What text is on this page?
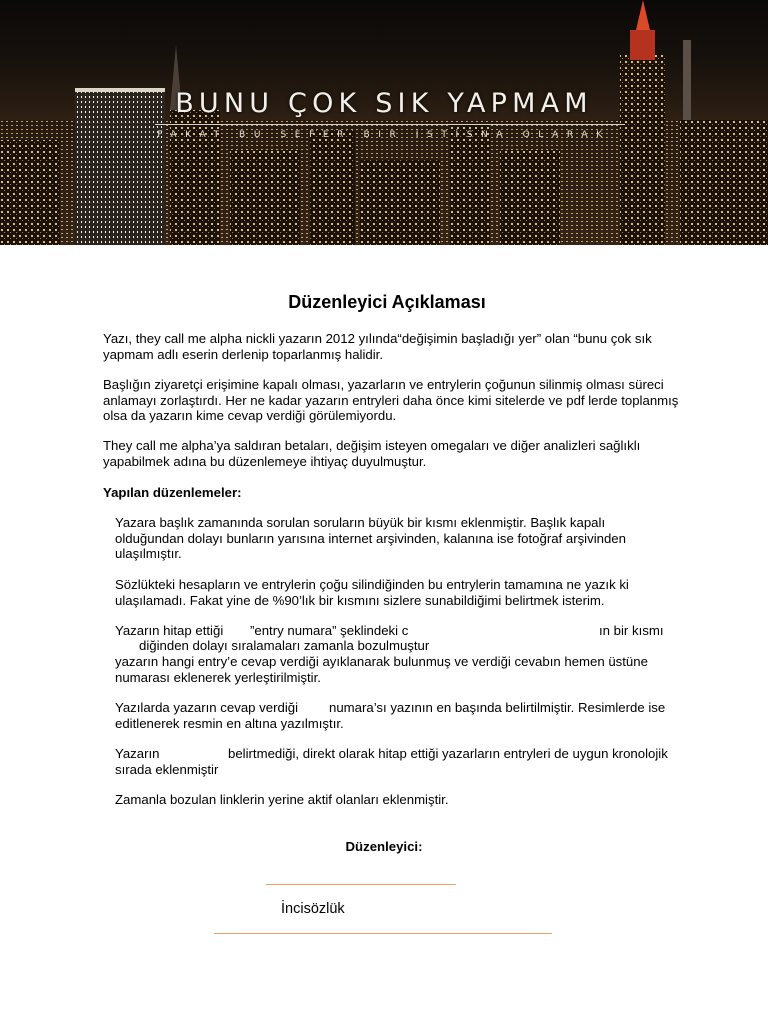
BUNU ÇOK SIK YAPMAM
FAKAT BU SEFER BIR İSTİSNA OLARAK
Düzenleyici Açıklaması

Yazı, they call me alpha nickli yazarın 2012 yılında“değişimin başladığı yer” olan “bunu çok sık yapmam adlı eserin derlenip toparlanmış halidir.

Başlığın ziyaretçi erişimine kapalı olması, yazarların ve entrylerin çoğunun silinmiş olması süreci anlamayı zorlaştırdı. Her ne kadar yazarın entryleri daha önce kimi sitelerde ve pdf lerde toplanmış olsa da yazarın kime cevap verdiği görülemiyordu.

They call me alpha’ya saldıran betaları, değişim isteyen omegaları ve diğer analizleri sağlıklı yapabilmek adına bu düzenlemeye ihtiyaç duyulmuştur.

Yapılan düzenlemeler:

Yazara başlık zamanında sorulan soruların büyük bir kısmı eklenmiştir. Başlık kapalı olduğundan dolayı bunların yarısına internet arşivinden, kalanına ise fotoğraf arşivinden ulaşılmıştır.

Sözlükteki hesapların ve entrylerin çoğu silindiğinden bu entrylerin tamamına ne yazık ki ulaşılamadı. Fakat yine de %90’lık bir kısmını sizlere sunabildiğimi belirtmek isterim.

Yazarın hitap ettiği ”entry numara” şeklindeki c	ın bir kısmı
diğinden dolayı sıralamaları zamanla bozulmuştur

yazarın hangi entry’e cevap verdiği ayıklanarak bulunmuş ve verdiği cevabın hemen üstüne numarası eklenerek yerleştirilmiştir.

Yazılarda yazarın cevap verdiği	numara’sı yazının en başında belirtilmiştir. Resimlerde ise editlenerek resmin en altına yazılmıştır.

Yazarın	belirtmediği, direkt olarak hitap ettiği yazarların entryleri de uygun kronolojik sırada eklenmiştir

Zamanla bozulan linklerin yerine aktif olanları eklenmiştir.

Düzenleyici:

İncisözlük
